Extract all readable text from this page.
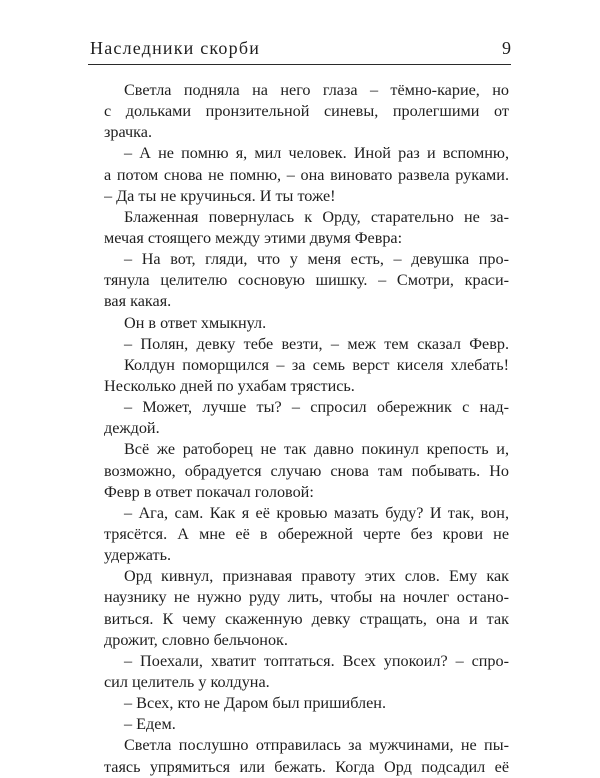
Наследники скорби	9
Светла подняла на него глаза – тёмно-карие, но
с дольками пронзительной синевы, пролегшими от
зрачка.
– А не помню я, мил человек. Иной раз и вспомню,
а потом снова не помню, – она виновато развела руками.
– Да ты не кручинься. И ты тоже!
Блаженная повернулась к Орду, старательно не за-
мечая стоящего между этими двумя Февра:
– На вот, гляди, что у меня есть, – девушка про-
тянула целителю сосновую шишку. – Смотри, краси-
вая какая.
Он в ответ хмыкнул.
– Полян, девку тебе везти, – меж тем сказал Февр.
Колдун поморщился – за семь верст киселя хлебать!
Несколько дней по ухабам трястись.
– Может, лучше ты? – спросил обережник с над-
деждой.
Всё же ратоборец не так давно покинул крепость и,
возможно, обрадуется случаю снова там побывать. Но
Февр в ответ покачал головой:
– Ага, сам. Как я её кровью мазать буду? И так, вон,
трясётся. А мне её в обережной черте без крови не
удержать.
Орд кивнул, признавая правоту этих слов. Ему как
наузнику не нужно руду лить, чтобы на ночлег остано-
виться. К чему скаженную девку стращать, она и так
дрожит, словно бельчонок.
– Поехали, хватит топтаться. Всех упокоил? – спро-
сил целитель у колдуна.
– Всех, кто не Даром был пришиблен.
– Едем.
Светла послушно отправилась за мужчинами, не пы-
таясь упрямиться или бежать. Когда Орд подсадил её
